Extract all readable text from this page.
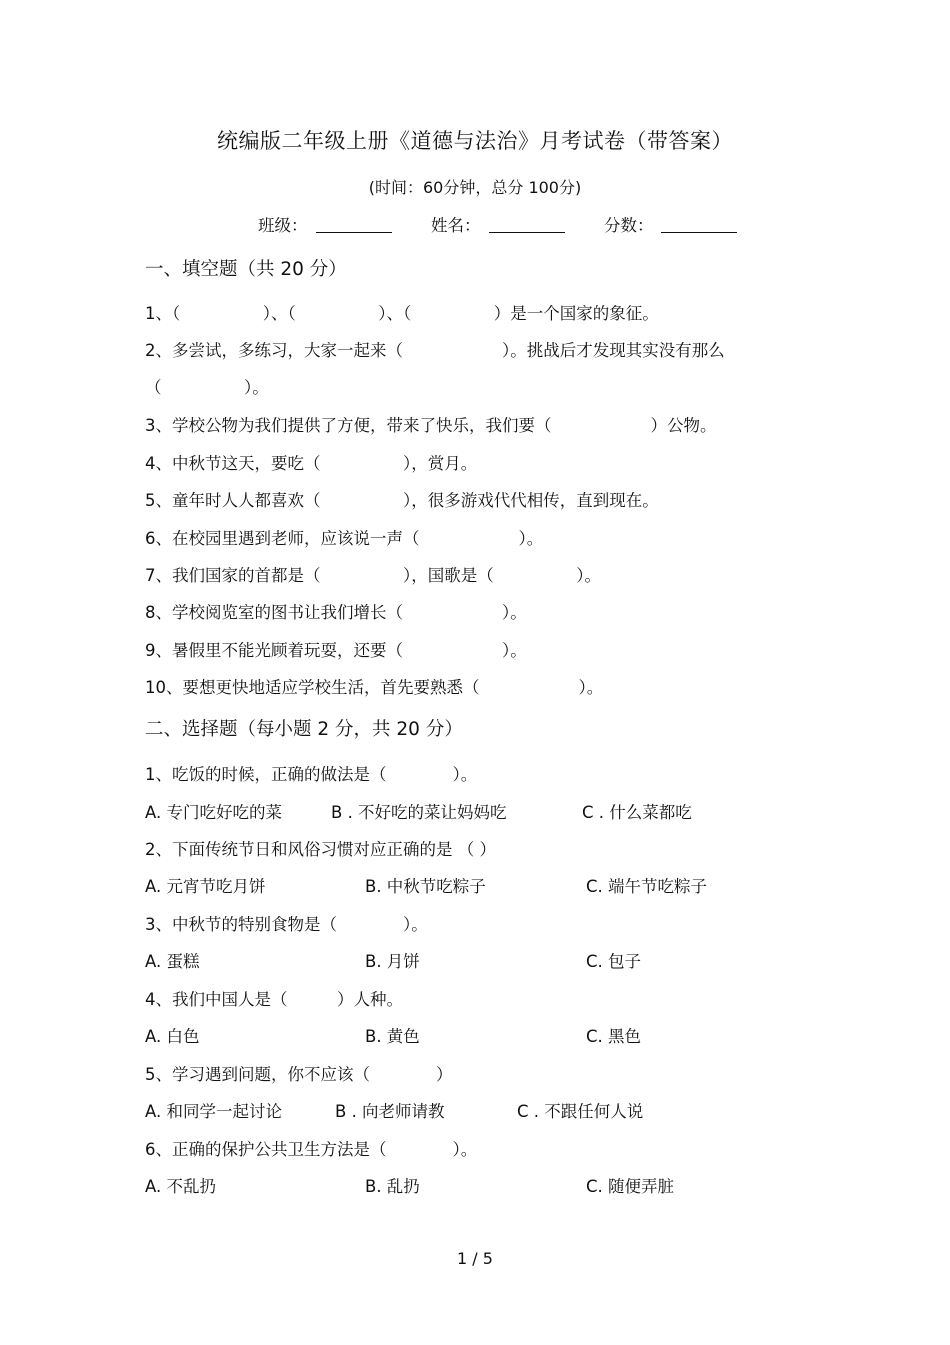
统编版二年级上册《道德与法治》月考试卷（带答案）
(时间：60分钟，总分 100分)
班级：	姓名：	分数：
一、填空题（共 20 分）
1、（　　　　　）、（　　　　　）、（　　　　　）是一个国家的象征。
2、多尝试，多练习，大家一起来（　　　　　　）。挑战后才发现其实没有那么
（　　　　　）。
3、学校公物为我们提供了方便，带来了快乐，我们要（　　　　　　）公物。
4、中秋节这天，要吃（　　　　　），赏月。
5、童年时人人都喜欢（　　　　　），很多游戏代代相传，直到现在。
6、在校园里遇到老师，应该说一声（　　　　　　）。
7、我们国家的首都是（　　　　　），国歌是（　　　　　）。
8、学校阅览室的图书让我们增长（　　　　　　）。
9、暑假里不能光顾着玩耍，还要（　　　　　　）。
10、要想更快地适应学校生活，首先要熟悉（　　　　　　）。
二、选择题（每小题 2 分，共 20 分）
1、吃饭的时候，正确的做法是（　　　　）。
A. 专门吃好吃的菜	B . 不好吃的菜让妈妈吃	C . 什么菜都吃
2、下面传统节日和风俗习惯对应正确的是 （ ）
A. 元宵节吃月饼	B. 中秋节吃粽子	C. 端午节吃粽子
3、中秋节的特别食物是（　　　　）。
A. 蛋糕	B. 月饼	C. 包子
4、我们中国人是（　　　）人种。
A. 白色	B. 黄色	C. 黑色
5、学习遇到问题，你不应该（　　　　）
A. 和同学一起讨论	B . 向老师请教	C . 不跟任何人说
6、正确的保护公共卫生方法是（　　　　）。
A. 不乱扔	B. 乱扔	C. 随便弄脏
1 / 5
